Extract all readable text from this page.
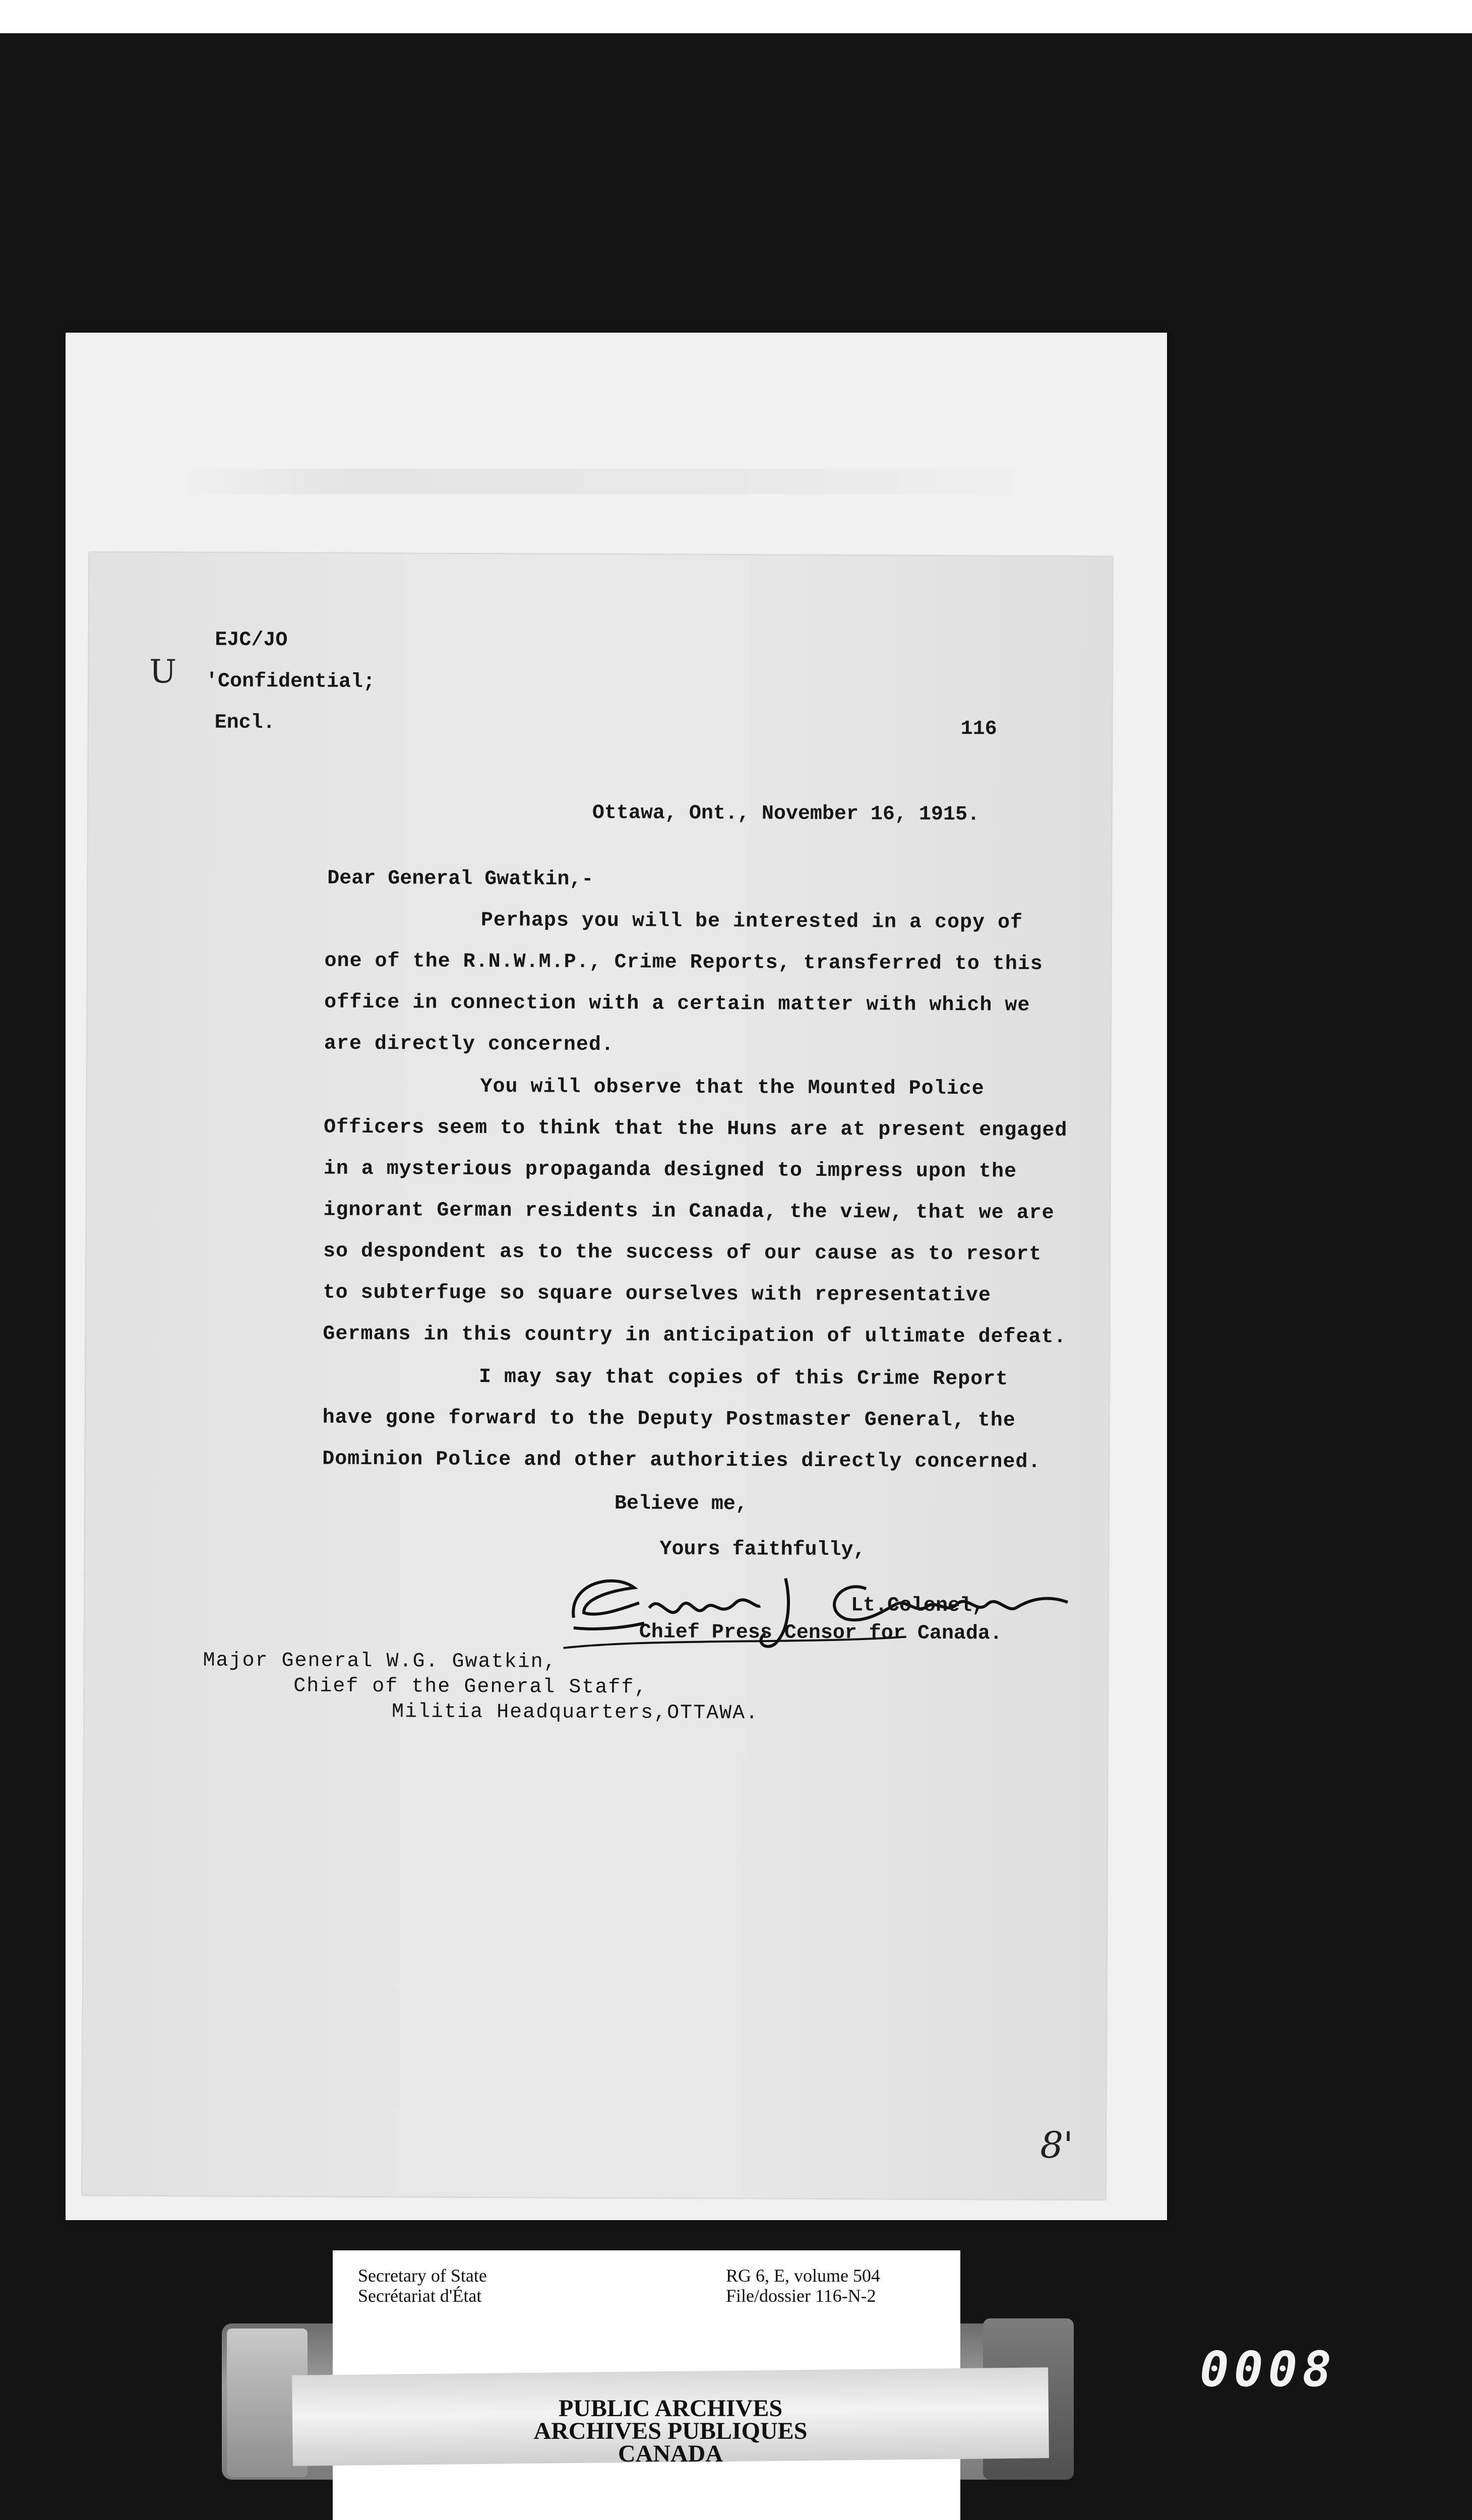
U
EJC/JO
'Confidential;
Encl.	116
Ottawa, Ont., November 16, 1915.
Dear General Gwatkin,-
Perhaps you will be interested in a copy of
one of the R.N.W.M.P., Crime Reports, transferred to this
office in connection with a certain matter with which we
are directly concerned.
You will observe that the Mounted Police
Officers seem to think that the Huns are at present engaged
in a mysterious propaganda designed to impress upon the
ignorant German residents in Canada, the view, that we are
so despondent as to the success of our cause as to resort
to subterfuge so square ourselves with representative
Germans in this country in anticipation of ultimate defeat.
I may say that copies of this Crime Report
have gone forward to the Deputy Postmaster General, the
Dominion Police and other authorities directly concerned.
Believe me,
Yours faithfully,
Lt.Colonel,
Chief Press Censor for Canada.
Major General W.G. Gwatkin,
Chief of the General Staff,
Militia Headquarters,OTTAWA.
8'
Secretary of State
Secrétariat d'État
RG 6, E, volume 504
File/dossier 116-N-2
PUBLIC ARCHIVES
ARCHIVES PUBLIQUES
CANADA
0008
